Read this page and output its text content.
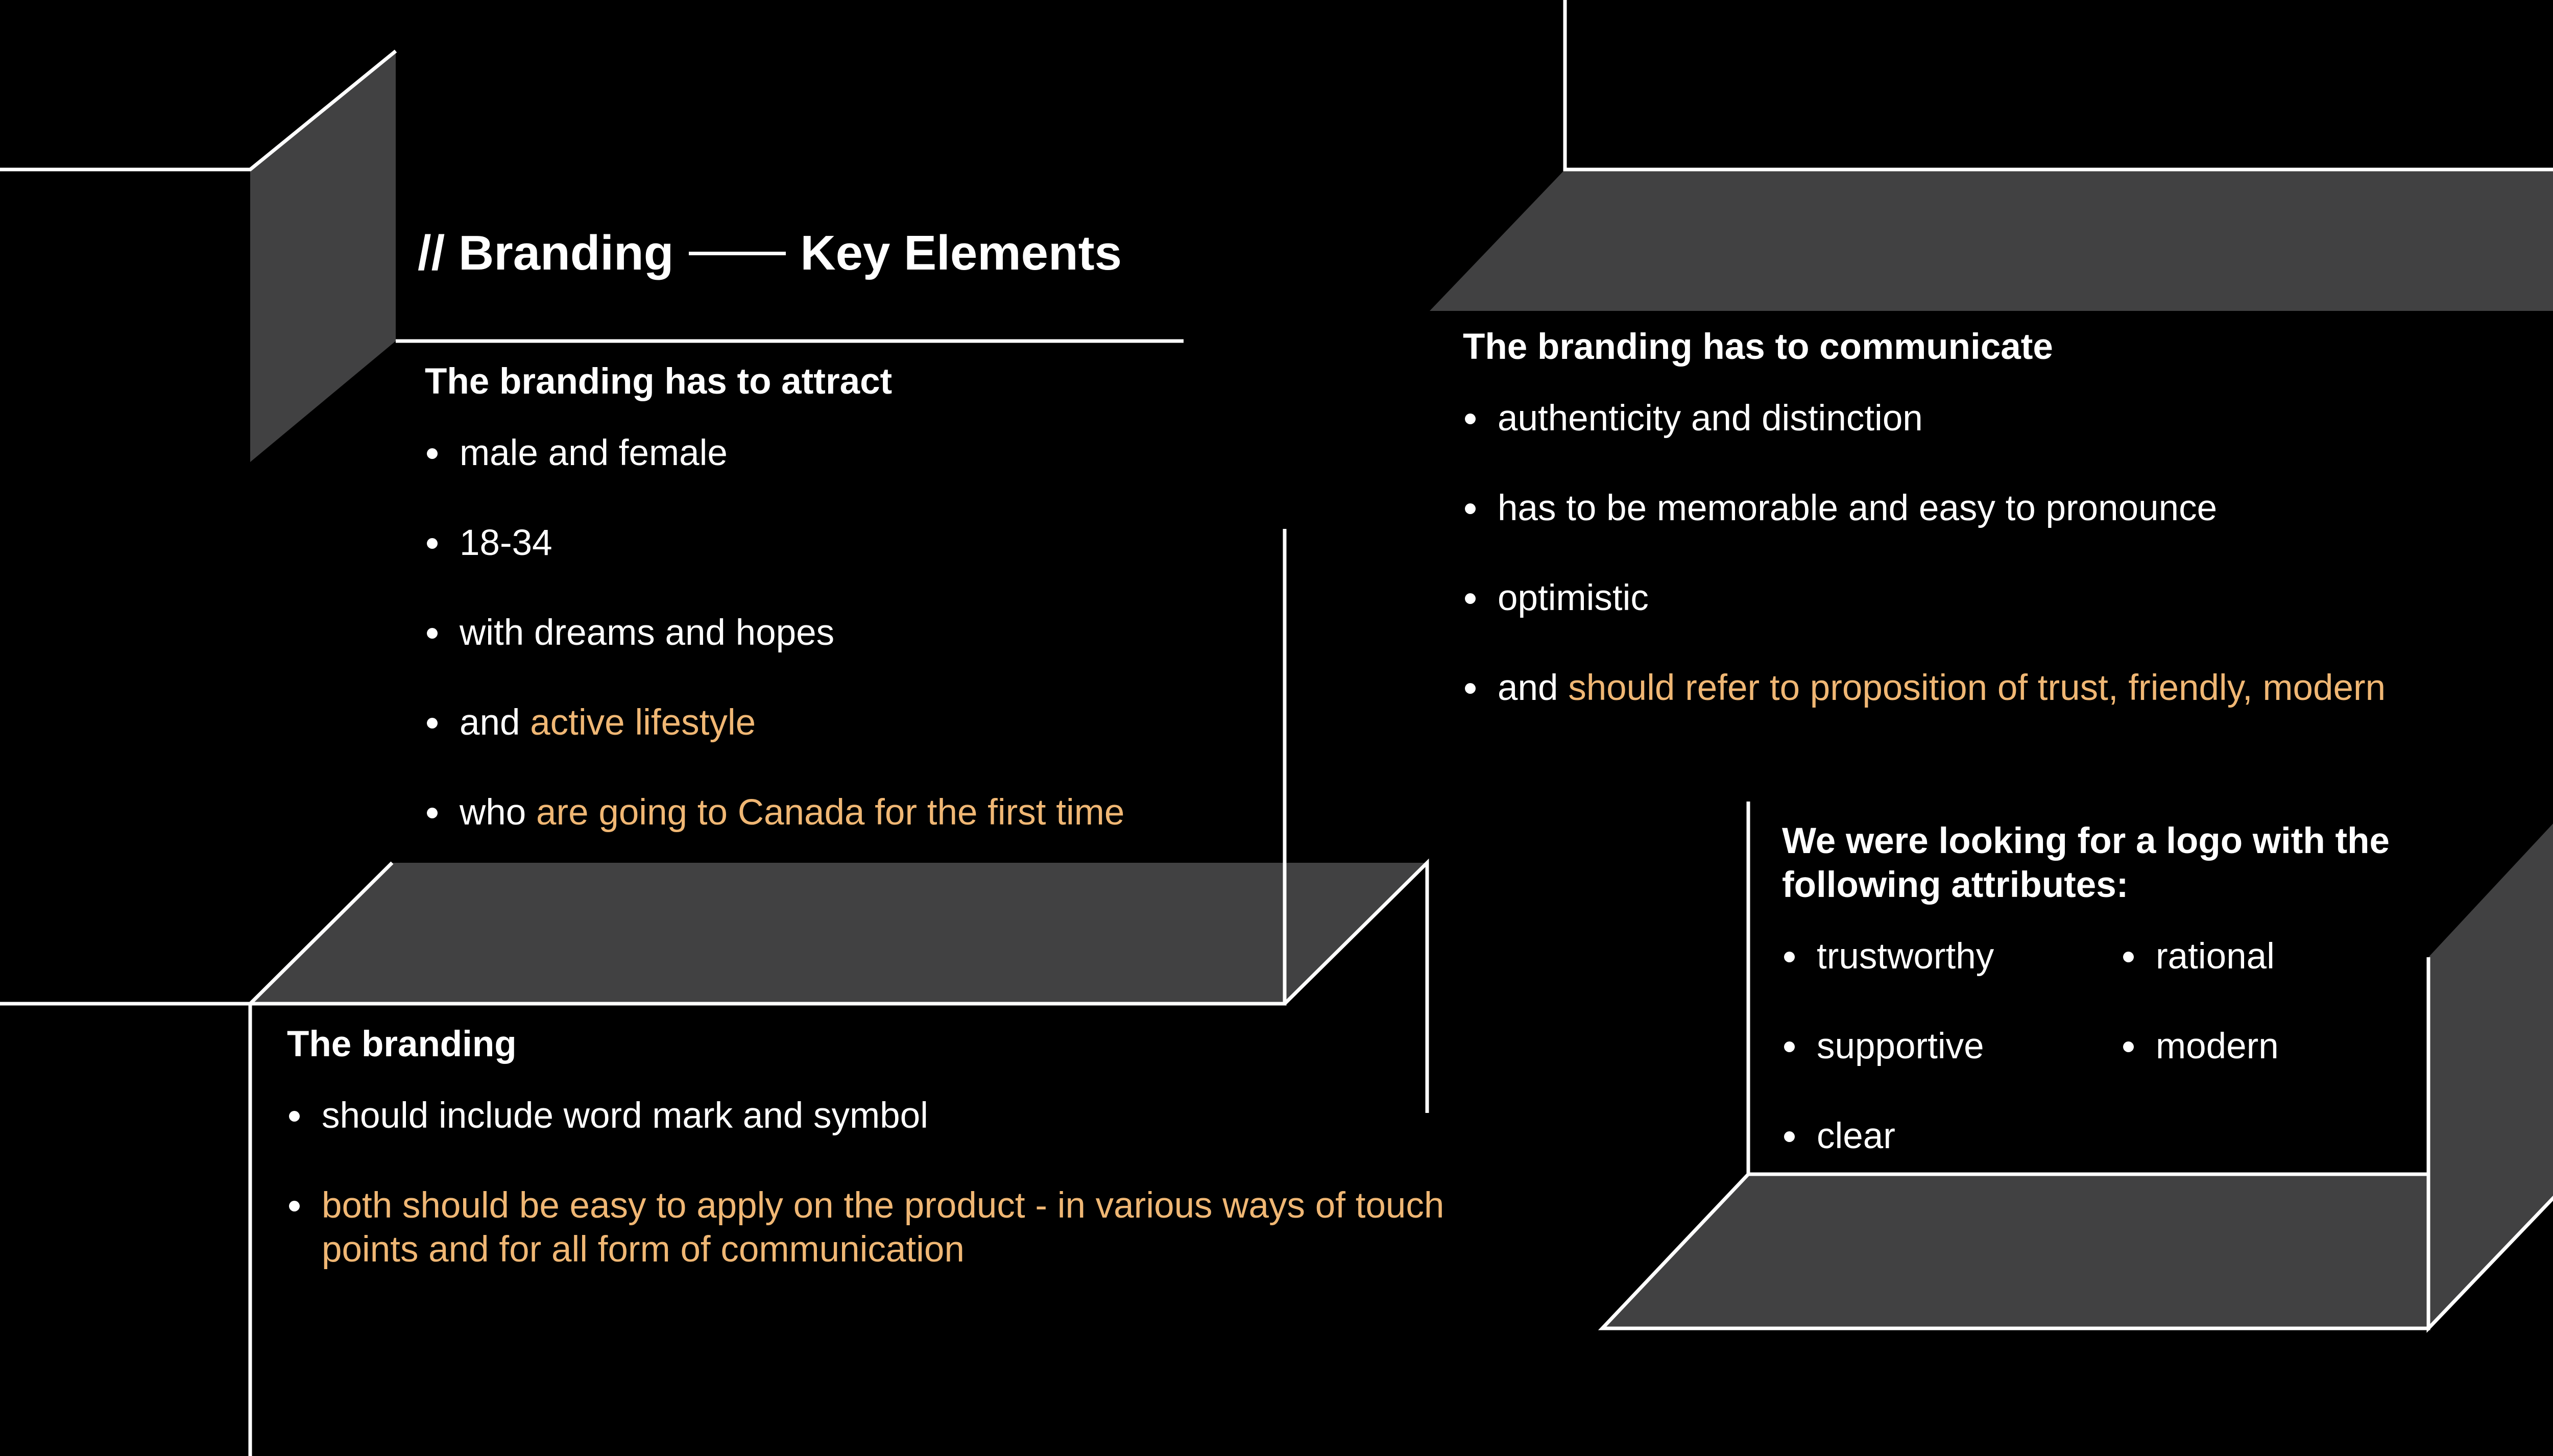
// Branding	Key Elements

The branding has to attract

male and female
18-34
with dreams and hopes
and active lifestyle
who are going to Canada for the first time

The branding has to communicate

authenticity and distinction
has to be memorable and easy to pronounce
optimistic
and should refer to proposition of trust, friendly, modern

The branding

should include word mark and symbol
both should be easy to apply on the product - in various ways of touch points and for all form of communication

We were looking for a logo with the following attributes:

trustworthy	rational
supportive	modern
clear
